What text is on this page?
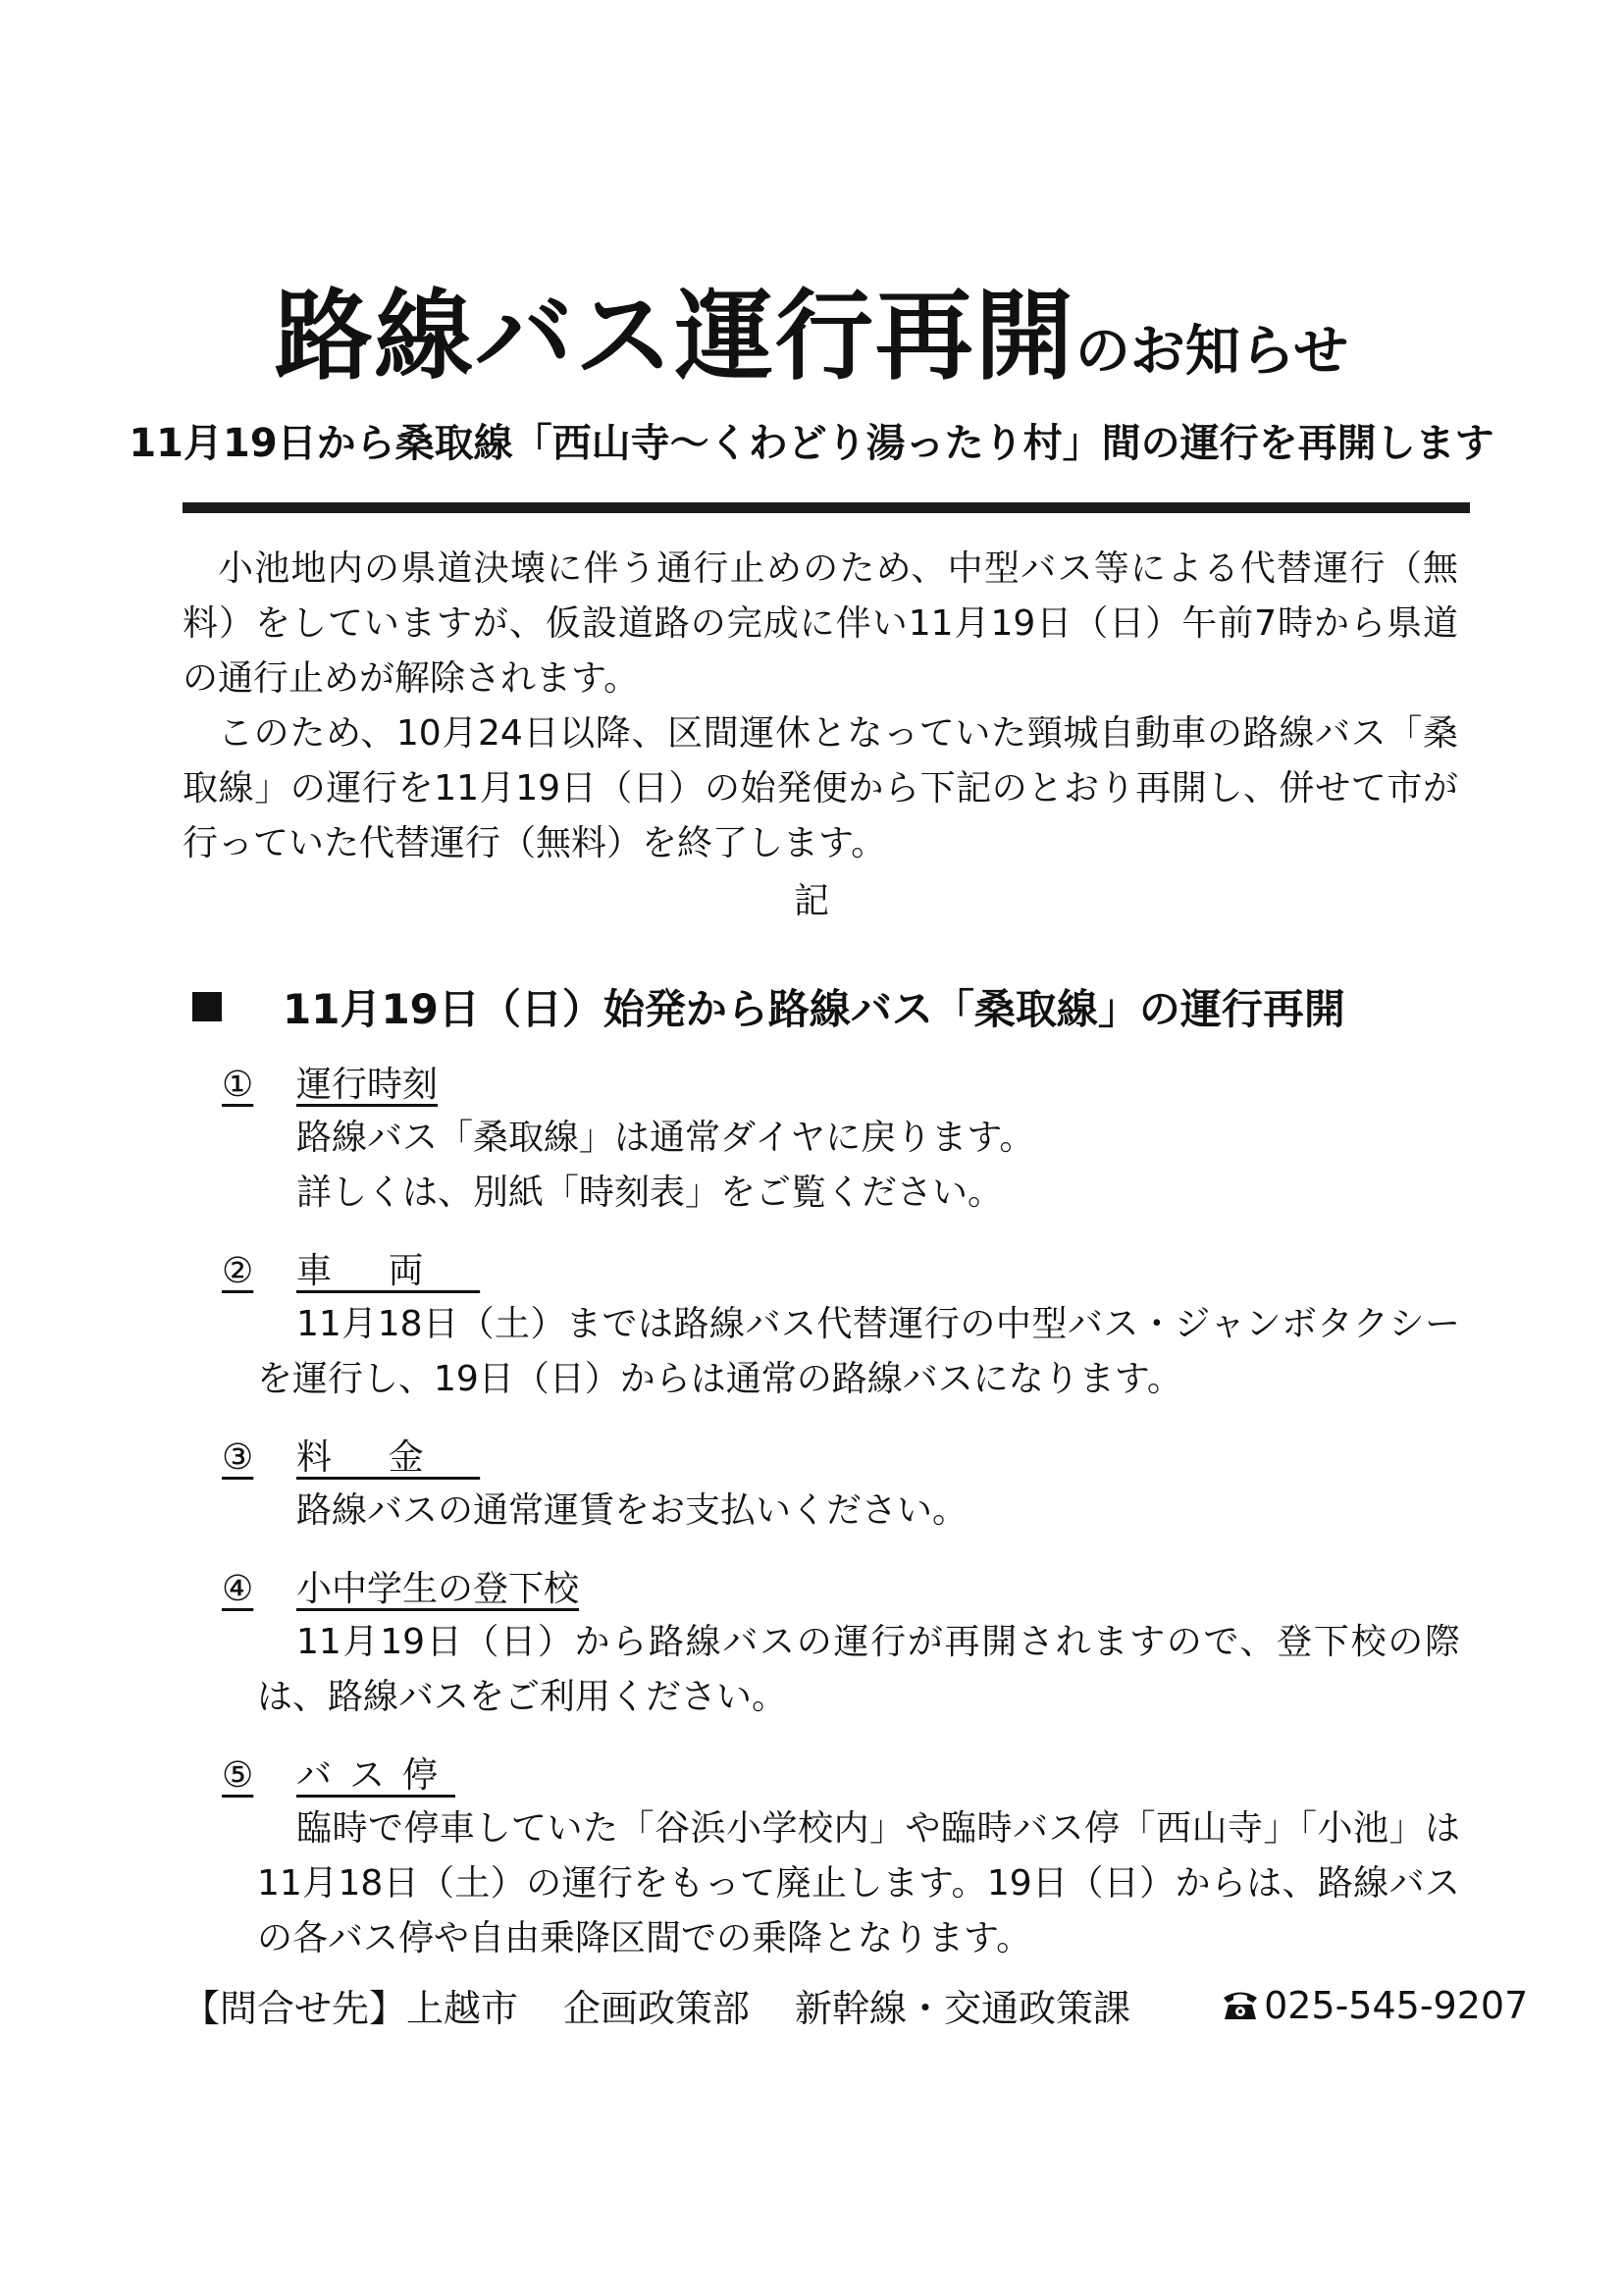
路線バス運行再開のお知らせ
11月19日から桑取線「西山寺～くわどり湯ったり村」間の運行を再開します

小池地内の県道決壊に伴う通行止めのため、中型バス等による代替運行（無料）をしていますが、仮設道路の完成に伴い11月19日（日）午前7時から県道の通行止めが解除されます。

このため、10月24日以降、区間運休となっていた頸城自動車の路線バス「桑取線」の運行を11月19日（日）の始発便から下記のとおり再開し、併せて市が行っていた代替運行（無料）を終了します。

記
11月19日（日）始発から路線バス「桑取線」の運行再開
①	運行時刻

路線バス「桑取線」は通常ダイヤに戻ります。

詳しくは、別紙「時刻表」をご覧ください。

②	車両

11月18日（土）までは路線バス代替運行の中型バス・ジャンボタクシーを運行し、19日（日）からは通常の路線バスになります。

③	料金

路線バスの通常運賃をお支払いください。

④	小中学生の登下校

11月19日（日）から路線バスの運行が再開されますので、登下校の際は、路線バスをご利用ください。

⑤	バス停

臨時で停車していた「谷浜小学校内」や臨時バス停「西山寺」「小池」は11月18日（土）の運行をもって廃止します。19日（日）からは、路線バスの各バス停や自由乗降区間での乗降となります。

【問合せ先】 上越市 企画政策部 新幹線・交通政策課	025-545-9207
